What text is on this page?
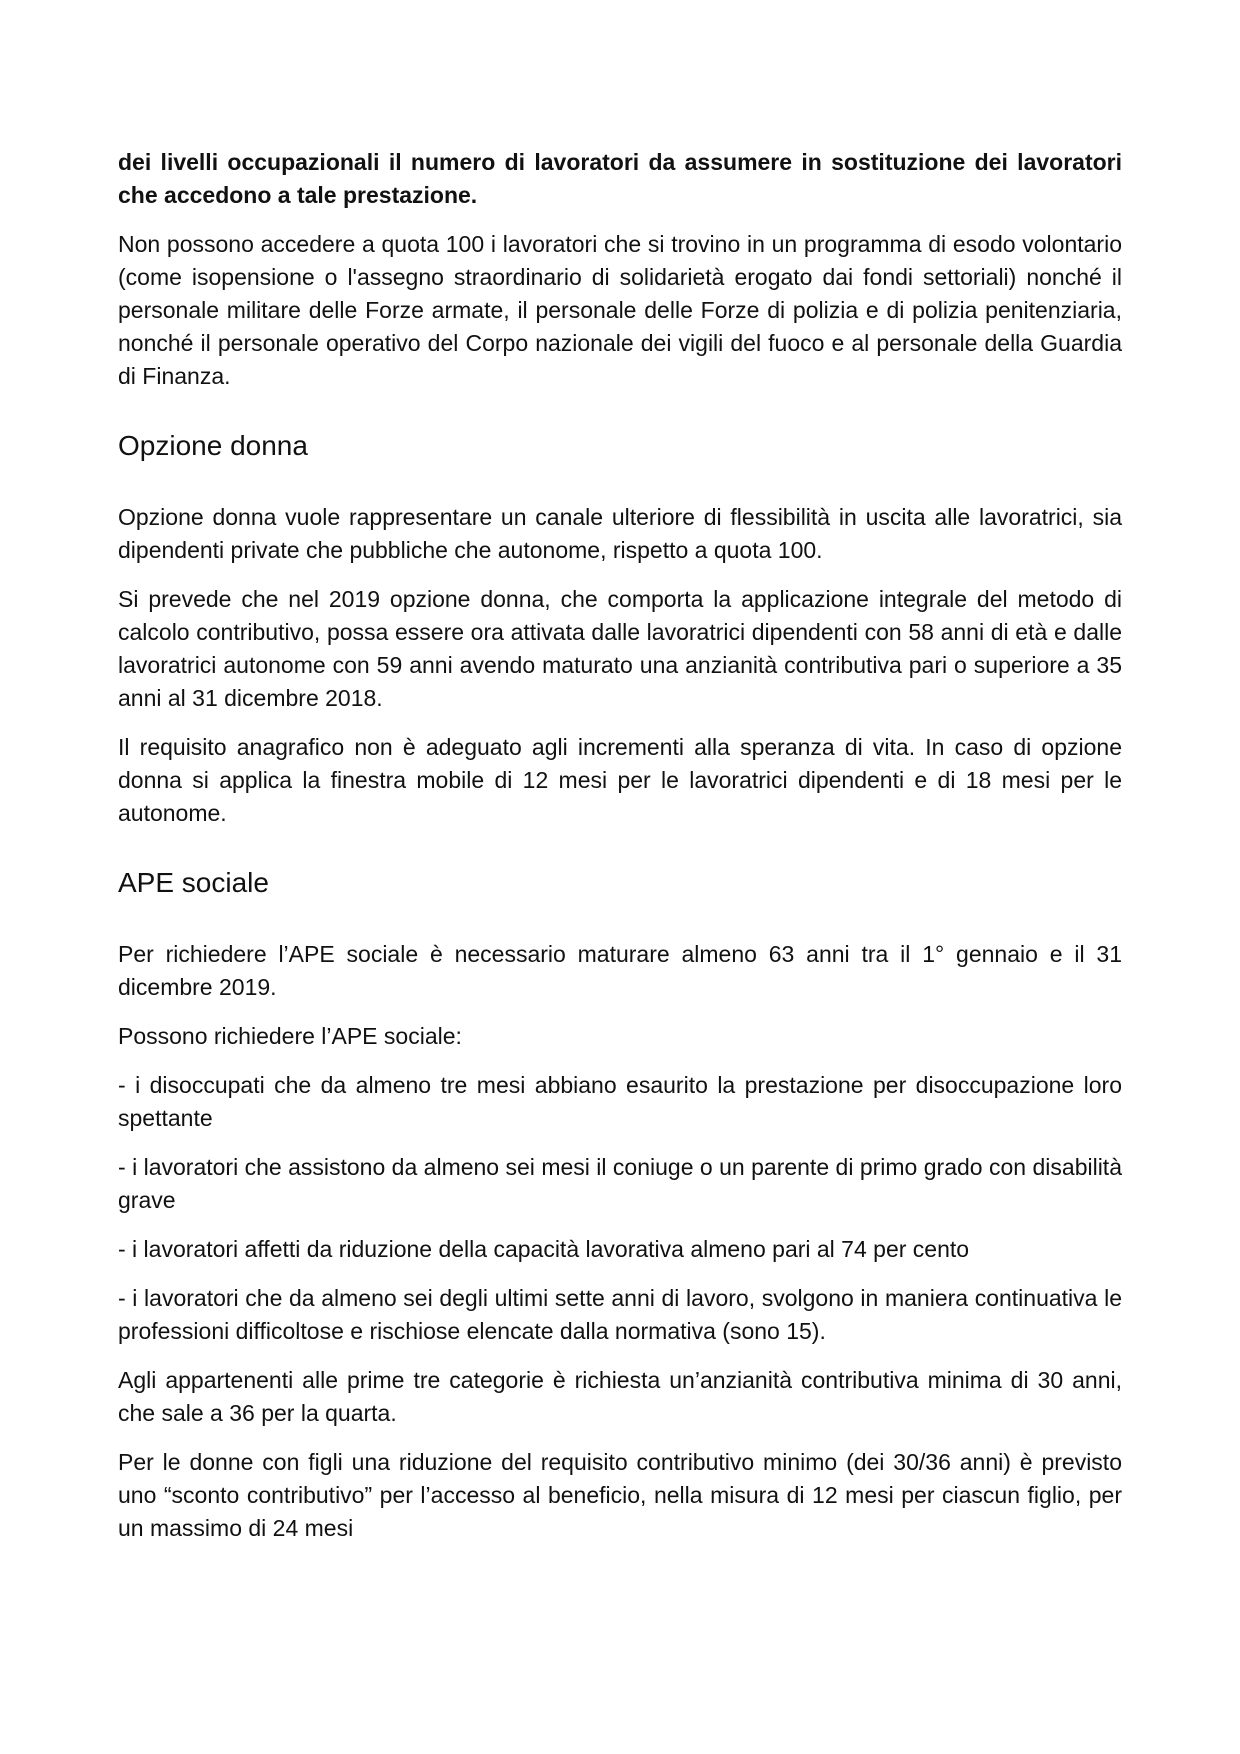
dei livelli occupazionali il numero di lavoratori da assumere in sostituzione dei lavoratori che accedono a tale prestazione.

Non possono accedere a quota 100 i lavoratori che si trovino in un programma di esodo volontario (come isopensione o l'assegno straordinario di solidarietà erogato dai fondi settoriali) nonché il personale militare delle Forze armate, il personale delle Forze di polizia e di polizia penitenziaria, nonché il personale operativo del Corpo nazionale dei vigili del fuoco e al personale della Guardia di Finanza.

Opzione donna

Opzione donna vuole rappresentare un canale ulteriore di flessibilità in uscita alle lavoratrici, sia dipendenti private che pubbliche che autonome, rispetto a quota 100.

Si prevede che nel 2019 opzione donna, che comporta la applicazione integrale del metodo di calcolo contributivo, possa essere ora attivata dalle lavoratrici dipendenti con 58 anni di età e dalle lavoratrici autonome con 59 anni avendo maturato una anzianità contributiva pari o superiore a 35 anni al 31 dicembre 2018.

Il requisito anagrafico non è adeguato agli incrementi alla speranza di vita. In caso di opzione donna si applica la finestra mobile di 12 mesi per le lavoratrici dipendenti e di 18 mesi per le autonome.

APE sociale

Per richiedere l’APE sociale è necessario maturare almeno 63 anni tra il 1° gennaio e il 31 dicembre 2019.

Possono richiedere l’APE sociale:

- i disoccupati che da almeno tre mesi abbiano esaurito la prestazione per disoccupazione loro spettante

- i lavoratori che assistono da almeno sei mesi il coniuge o un parente di primo grado con disabilità grave

- i lavoratori affetti da riduzione della capacità lavorativa almeno pari al 74 per cento

- i lavoratori che da almeno sei degli ultimi sette anni di lavoro, svolgono in maniera continuativa le professioni difficoltose e rischiose elencate dalla normativa (sono 15).

Agli appartenenti alle prime tre categorie è richiesta un’anzianità contributiva minima di 30 anni, che sale a 36 per la quarta.

Per le donne con figli una riduzione del requisito contributivo minimo (dei 30/36 anni) è previsto uno “sconto contributivo” per l’accesso al beneficio, nella misura di 12 mesi per ciascun figlio, per un massimo di 24 mesi
